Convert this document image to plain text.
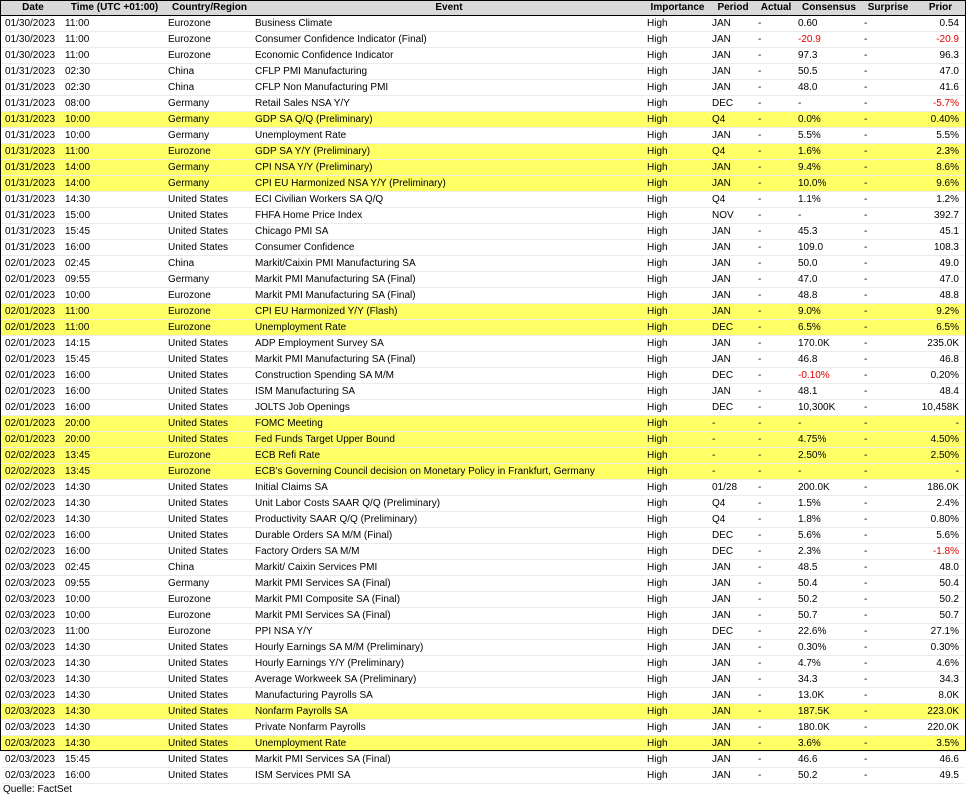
Date	Time (UTC +01:00)	Country/Region	Event	Importance	Period	Actual	Consensus	Surprise	Prior
01/30/2023	11:00	Eurozone	Business Climate	High	JAN	-	0.60	-	0.54
01/30/2023	11:00	Eurozone	Consumer Confidence Indicator (Final)	High	JAN	-	-20.9	-	-20.9
01/30/2023	11:00	Eurozone	Economic Confidence Indicator	High	JAN	-	97.3	-	96.3
01/31/2023	02:30	China	CFLP PMI Manufacturing	High	JAN	-	50.5	-	47.0
01/31/2023	02:30	China	CFLP Non Manufacturing PMI	High	JAN	-	48.0	-	41.6
01/31/2023	08:00	Germany	Retail Sales NSA Y/Y	High	DEC	-	-	-	-5.7%
01/31/2023	10:00	Germany	GDP SA Q/Q (Preliminary)	High	Q4	-	0.0%	-	0.40%
01/31/2023	10:00	Germany	Unemployment Rate	High	JAN	-	5.5%	-	5.5%
01/31/2023	11:00	Eurozone	GDP SA Y/Y (Preliminary)	High	Q4	-	1.6%	-	2.3%
01/31/2023	14:00	Germany	CPI NSA Y/Y (Preliminary)	High	JAN	-	9.4%	-	8.6%
01/31/2023	14:00	Germany	CPI EU Harmonized NSA Y/Y (Preliminary)	High	JAN	-	10.0%	-	9.6%
01/31/2023	14:30	United States	ECI Civilian Workers SA Q/Q	High	Q4	-	1.1%	-	1.2%
01/31/2023	15:00	United States	FHFA Home Price Index	High	NOV	-	-	-	392.7
01/31/2023	15:45	United States	Chicago PMI SA	High	JAN	-	45.3	-	45.1
01/31/2023	16:00	United States	Consumer Confidence	High	JAN	-	109.0	-	108.3
02/01/2023	02:45	China	Markit/Caixin PMI Manufacturing SA	High	JAN	-	50.0	-	49.0
02/01/2023	09:55	Germany	Markit PMI Manufacturing SA (Final)	High	JAN	-	47.0	-	47.0
02/01/2023	10:00	Eurozone	Markit PMI Manufacturing SA (Final)	High	JAN	-	48.8	-	48.8
02/01/2023	11:00	Eurozone	CPI EU Harmonized Y/Y (Flash)	High	JAN	-	9.0%	-	9.2%
02/01/2023	11:00	Eurozone	Unemployment Rate	High	DEC	-	6.5%	-	6.5%
02/01/2023	14:15	United States	ADP Employment Survey SA	High	JAN	-	170.0K	-	235.0K
02/01/2023	15:45	United States	Markit PMI Manufacturing SA (Final)	High	JAN	-	46.8	-	46.8
02/01/2023	16:00	United States	Construction Spending SA M/M	High	DEC	-	-0.10%	-	0.20%
02/01/2023	16:00	United States	ISM Manufacturing SA	High	JAN	-	48.1	-	48.4
02/01/2023	16:00	United States	JOLTS Job Openings	High	DEC	-	10,300K	-	10,458K
02/01/2023	20:00	United States	FOMC Meeting	High	-	-	-	-	-
02/01/2023	20:00	United States	Fed Funds Target Upper Bound	High	-	-	4.75%	-	4.50%
02/02/2023	13:45	Eurozone	ECB Refi Rate	High	-	-	2.50%	-	2.50%
02/02/2023	13:45	Eurozone	ECB's Governing Council decision on Monetary Policy in Frankfurt, Germany	High	-	-	-	-	-
02/02/2023	14:30	United States	Initial Claims SA	High	01/28	-	200.0K	-	186.0K
02/02/2023	14:30	United States	Unit Labor Costs SAAR Q/Q (Preliminary)	High	Q4	-	1.5%	-	2.4%
02/02/2023	14:30	United States	Productivity SAAR Q/Q (Preliminary)	High	Q4	-	1.8%	-	0.80%
02/02/2023	16:00	United States	Durable Orders SA M/M (Final)	High	DEC	-	5.6%	-	5.6%
02/02/2023	16:00	United States	Factory Orders SA M/M	High	DEC	-	2.3%	-	-1.8%
02/03/2023	02:45	China	Markit/ Caixin Services PMI	High	JAN	-	48.5	-	48.0
02/03/2023	09:55	Germany	Markit PMI Services SA (Final)	High	JAN	-	50.4	-	50.4
02/03/2023	10:00	Eurozone	Markit PMI Composite SA (Final)	High	JAN	-	50.2	-	50.2
02/03/2023	10:00	Eurozone	Markit PMI Services SA (Final)	High	JAN	-	50.7	-	50.7
02/03/2023	11:00	Eurozone	PPI NSA Y/Y	High	DEC	-	22.6%	-	27.1%
02/03/2023	14:30	United States	Hourly Earnings SA M/M (Preliminary)	High	JAN	-	0.30%	-	0.30%
02/03/2023	14:30	United States	Hourly Earnings Y/Y (Preliminary)	High	JAN	-	4.7%	-	4.6%
02/03/2023	14:30	United States	Average Workweek SA (Preliminary)	High	JAN	-	34.3	-	34.3
02/03/2023	14:30	United States	Manufacturing Payrolls SA	High	JAN	-	13.0K	-	8.0K
02/03/2023	14:30	United States	Nonfarm Payrolls SA	High	JAN	-	187.5K	-	223.0K
02/03/2023	14:30	United States	Private Nonfarm Payrolls	High	JAN	-	180.0K	-	220.0K
02/03/2023	14:30	United States	Unemployment Rate	High	JAN	-	3.6%	-	3.5%
02/03/2023	15:45	United States	Markit PMI Services SA (Final)	High	JAN	-	46.6	-	46.6
02/03/2023	16:00	United States	ISM Services PMI SA	High	JAN	-	50.2	-	49.5
Quelle: FactSet
